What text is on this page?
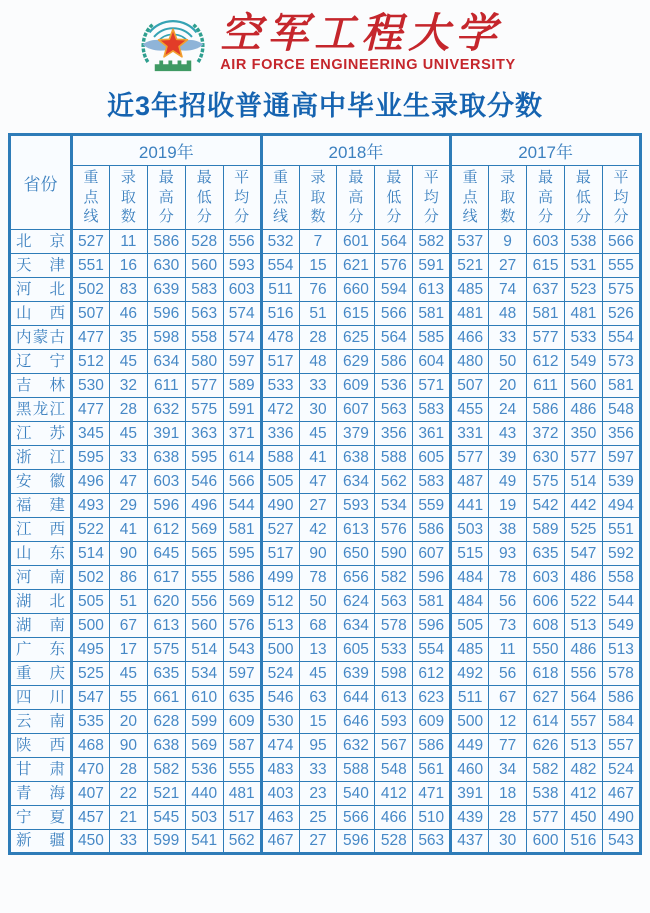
空军工程大学
AIR FORCE ENGINEERING UNIVERSITY
近3年招收普通高中毕业生录取分数
省份	2019年					2018年					2017年				
	重点线	录取数	最高分	最低分	平均分	重点线	录取数	最高分	最低分	平均分	重点线	录取数	最高分	最低分	平均分
北京	527	11	586	528	556	532	7	601	564	582	537	9	603	538	566
天津	551	16	630	560	593	554	15	621	576	591	521	27	615	531	555
河北	502	83	639	583	603	511	76	660	594	613	485	74	637	523	575
山西	507	46	596	563	574	516	51	615	566	581	481	48	581	481	526
内蒙古	477	35	598	558	574	478	28	625	564	585	466	33	577	533	554
辽宁	512	45	634	580	597	517	48	629	586	604	480	50	612	549	573
吉林	530	32	611	577	589	533	33	609	536	571	507	20	611	560	581
黑龙江	477	28	632	575	591	472	30	607	563	583	455	24	586	486	548
江苏	345	45	391	363	371	336	45	379	356	361	331	43	372	350	356
浙江	595	33	638	595	614	588	41	638	588	605	577	39	630	577	597
安徽	496	47	603	546	566	505	47	634	562	583	487	49	575	514	539
福建	493	29	596	496	544	490	27	593	534	559	441	19	542	442	494
江西	522	41	612	569	581	527	42	613	576	586	503	38	589	525	551
山东	514	90	645	565	595	517	90	650	590	607	515	93	635	547	592
河南	502	86	617	555	586	499	78	656	582	596	484	78	603	486	558
湖北	505	51	620	556	569	512	50	624	563	581	484	56	606	522	544
湖南	500	67	613	560	576	513	68	634	578	596	505	73	608	513	549
广东	495	17	575	514	543	500	13	605	533	554	485	11	550	486	513
重庆	525	45	635	534	597	524	45	639	598	612	492	56	618	556	578
四川	547	55	661	610	635	546	63	644	613	623	511	67	627	564	586
云南	535	20	628	599	609	530	15	646	593	609	500	12	614	557	584
陕西	468	90	638	569	587	474	95	632	567	586	449	77	626	513	557
甘肃	470	28	582	536	555	483	33	588	548	561	460	34	582	482	524
青海	407	22	521	440	481	403	23	540	412	471	391	18	538	412	467
宁夏	457	21	545	503	517	463	25	566	466	510	439	28	577	450	490
新疆	450	33	599	541	562	467	27	596	528	563	437	30	600	516	543
